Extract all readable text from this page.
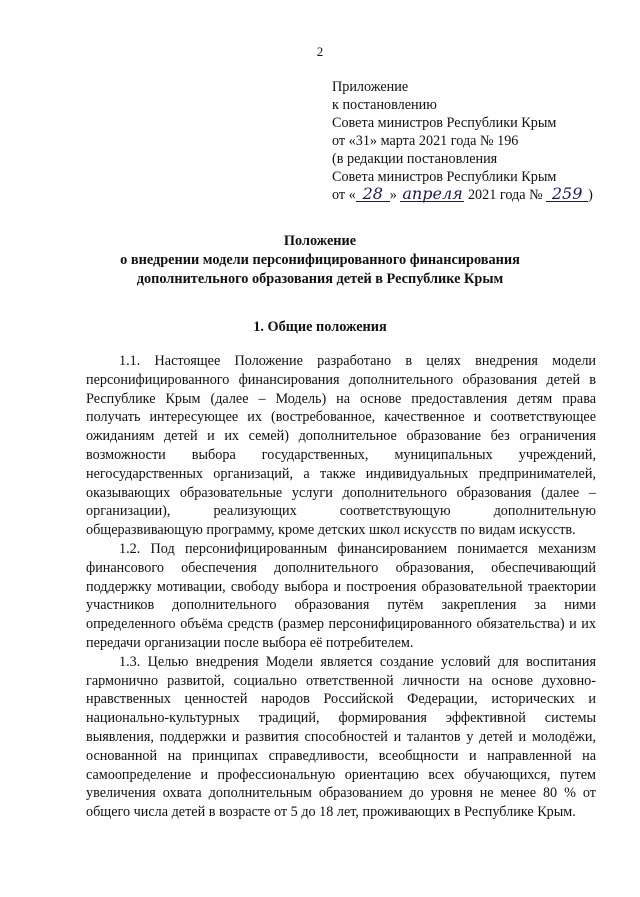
2
Приложение
к постановлению
Совета министров Республики Крым
от «31» марта 2021 года № 196
(в редакции постановления
Совета министров Республики Крым
от « 28 » апреля 2021 года № 259 )
Положение
о внедрении модели персонифицированного финансирования
дополнительного образования детей в Республике Крым
1. Общие положения

1.1. Настоящее Положение разработано в целях внедрения модели персонифицированного финансирования дополнительного образования детей в Республике Крым (далее – Модель) на основе предоставления детям права получать интересующее их (востребованное, качественное и соответствующее ожиданиям детей и их семей) дополнительное образование без ограничения возможности выбора государственных, муниципальных учреждений, негосударственных организаций, а также индивидуальных предпринимателей, оказывающих образовательные услуги дополнительного образования (далее – организации), реализующих соответствующую дополнительную общеразвивающую программу, кроме детских школ искусств по видам искусств.

1.2. Под персонифицированным финансированием понимается механизм финансового обеспечения дополнительного образования, обеспечивающий поддержку мотивации, свободу выбора и построения образовательной траектории участников дополнительного образования путём закрепления за ними определенного объёма средств (размер персонифицированного обязательства) и их передачи организации после выбора её потребителем.

1.3. Целью внедрения Модели является создание условий для воспитания гармонично развитой, социально ответственной личности на основе духовно-нравственных ценностей народов Российской Федерации, исторических и национально-культурных традиций, формирования эффективной системы выявления, поддержки и развития способностей и талантов у детей и молодёжи, основанной на принципах справедливости, всеобщности и направленной на самоопределение и профессиональную ориентацию всех обучающихся, путем увеличения охвата дополнительным образованием до уровня не менее 80 % от общего числа детей в возрасте от 5 до 18 лет, проживающих в Республике Крым.
